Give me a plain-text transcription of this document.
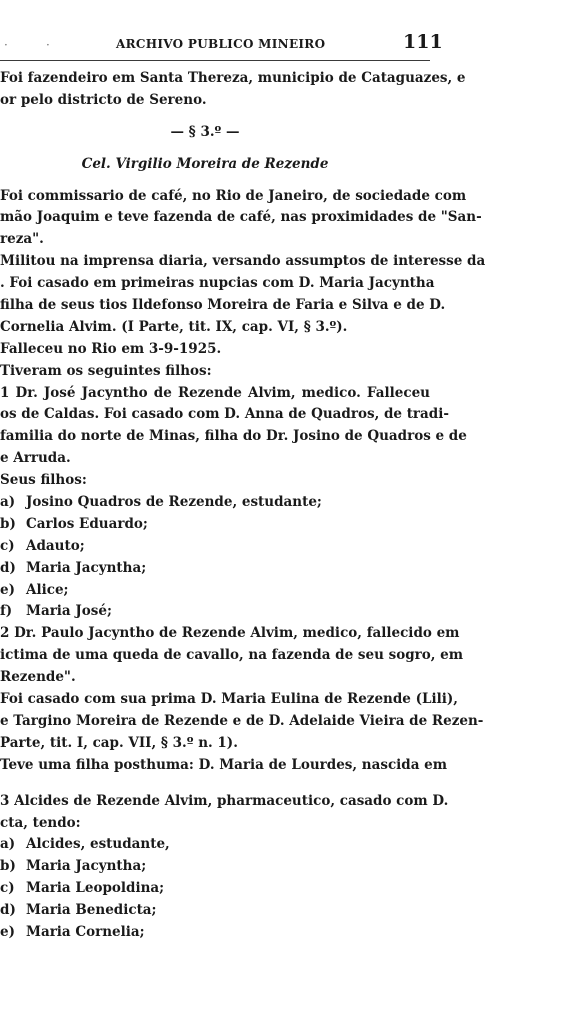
·	·	ARCHIVO PUBLICO MINEIRO	111
Foi fazendeiro em Santa Thereza, municipio de Cataguazes, e
or pelo districto de Sereno.
— § 3.º —
Cel. Virgilio Moreira de Rezende
Foi commissario de café, no Rio de Janeiro, de sociedade com
mão Joaquim e teve fazenda de café, nas proximidades de "San-
reza".
Militou na imprensa diaria, versando assumptos de interesse da
. Foi casado em primeiras nupcias com D. Maria Jacyntha
filha de seus tios Ildefonso Moreira de Faria e Silva e de D.
Cornelia Alvim. (I Parte, tit. IX, cap. VI, § 3.º).
Falleceu no Rio em 3-9-1925.
Tiveram os seguintes filhos:
1 Dr. José Jacyntho de Rezende Alvim, medico. Falleceu
os de Caldas. Foi casado com D. Anna de Quadros, de tradi-
familia do norte de Minas, filha do Dr. Josino de Quadros e de
e Arruda.
Seus filhos:
a) Josino Quadros de Rezende, estudante;
b) Carlos Eduardo;
c) Adauto;
d) Maria Jacyntha;
e) Alice;
f) Maria José;
2 Dr. Paulo Jacyntho de Rezende Alvim, medico, fallecido em
ictima de uma queda de cavallo, na fazenda de seu sogro, em
Rezende".
Foi casado com sua prima D. Maria Eulina de Rezende (Lili),
e Targino Moreira de Rezende e de D. Adelaide Vieira de Rezen-
Parte, tit. I, cap. VII, § 3.º n. 1).
Teve uma filha posthuma: D. Maria de Lourdes, nascida em
3 Alcides de Rezende Alvim, pharmaceutico, casado com D.
cta, tendo:
a) Alcides, estudante,
b) Maria Jacyntha;
c) Maria Leopoldina;
d) Maria Benedicta;
e) Maria Cornelia;
